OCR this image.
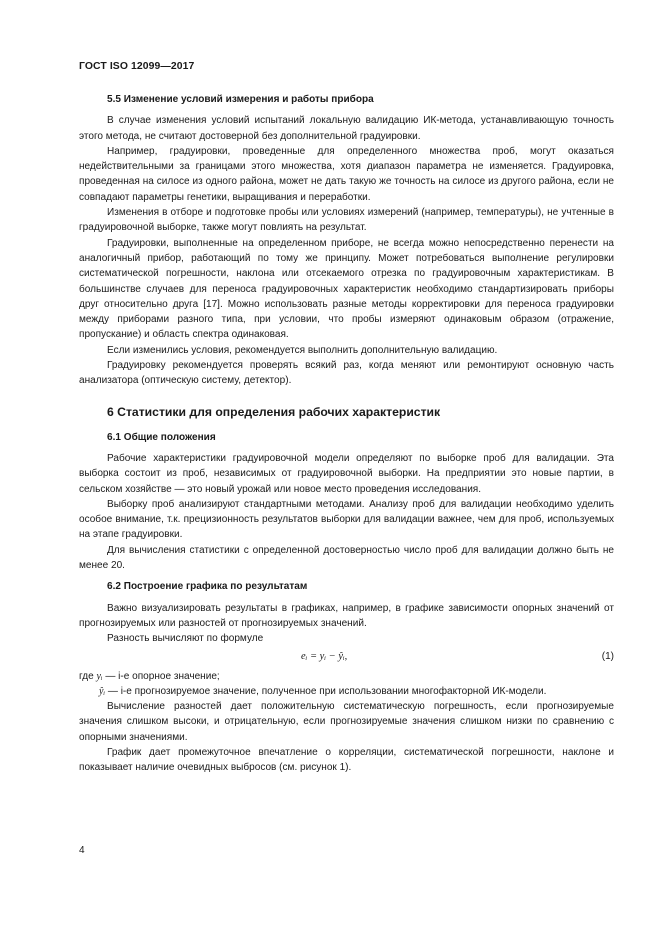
ГОСТ ISO 12099—2017
5.5 Изменение условий измерения и работы прибора

В случае изменения условий испытаний локальную валидацию ИК-метода, устанавливающую точность этого метода, не считают достоверной без дополнительной градуировки.

Например, градуировки, проведенные для определенного множества проб, могут оказаться недействительными за границами этого множества, хотя диапазон параметра не изменяется. Градуировка, проведенная на силосе из одного района, может не дать такую же точность на силосе из другого района, если не совпадают параметры генетики, выращивания и переработки.

Изменения в отборе и подготовке пробы или условиях измерений (например, температуры), не учтенные в градуировочной выборке, также могут повлиять на результат.

Градуировки, выполненные на определенном приборе, не всегда можно непосредственно перенести на аналогичный прибор, работающий по тому же принципу. Может потребоваться выполнение регулировки систематической погрешности, наклона или отсекаемого отрезка по градуировочным характеристикам. В большинстве случаев для переноса градуировочных характеристик необходимо стандартизировать приборы друг относительно друга [17]. Можно использовать разные методы корректировки для переноса градуировки между приборами разного типа, при условии, что пробы измеряют одинаковым образом (отражение, пропускание) и область спектра одинаковая.

Если изменились условия, рекомендуется выполнить дополнительную валидацию.

Градуировку рекомендуется проверять всякий раз, когда меняют или ремонтируют основную часть анализатора (оптическую систему, детектор).

6 Статистики для определения рабочих характеристик
6.1 Общие положения

Рабочие характеристики градуировочной модели определяют по выборке проб для валидации. Эта выборка состоит из проб, независимых от градуировочной выборки. На предприятии это новые партии, в сельском хозяйстве — это новый урожай или новое место проведения исследования.

Выборку проб анализируют стандартными методами. Анализу проб для валидации необходимо уделить особое внимание, т.к. прецизионность результатов выборки для валидации важнее, чем для проб, используемых на этапе градуировки.

Для вычисления статистики с определенной достоверностью число проб для валидации должно быть не менее 20.

6.2 Построение графика по результатам

Важно визуализировать результаты в графиках, например, в графике зависимости опорных значений от прогнозируемых или разностей от прогнозируемых значений.

Разность вычисляют по формуле

eᵢ = yᵢ − ŷᵢ,	(1)
где yᵢ — i-е опорное значение;
ŷᵢ — i-е прогнозируемое значение, полученное при использовании многофакторной ИК-модели.

Вычисление разностей дает положительную систематическую погрешность, если прогнозируемые значения слишком высоки, и отрицательную, если прогнозируемые значения слишком низки по сравнению с опорными значениями.

График дает промежуточное впечатление о корреляции, систематической погрешности, наклоне и показывает наличие очевидных выбросов (см. рисунок 1).

4
